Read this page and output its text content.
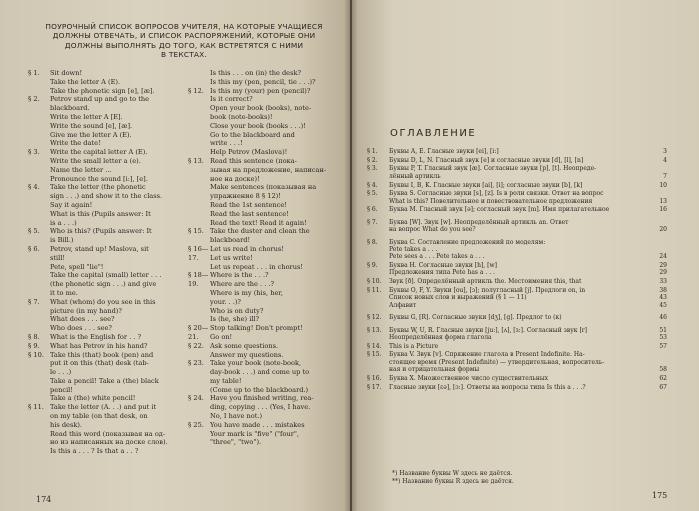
ПОУРОЧНЫЙ СПИСОК ВОПРОСОВ УЧИТЕЛЯ, НА КОТОРЫЕ УЧАЩИЕСЯ
ДОЛЖНЫ ОТВЕЧАТЬ, И СПИСОК РАСПОРЯЖЕНИЙ, КОТОРЫЕ ОНИ
ДОЛЖНЫ ВЫПОЛНЯТЬ ДО ТОГО, КАК ВСТРЕТЯТСЯ С НИМИ
В ТЕКСТАХ.
§ 1.	Sit down!
Take the letter A (E).
Take the phonetic sign [e], [æ].
§ 2.	Petrov stand up and go to the
blackboard.
Write the letter A [E].
Write the sound [e], [æ].
Give me the letter A (E).
Write the date!
§ 3.	Write the capital letter A (E).
Write the small letter a (e).
Name the letter ...
Pronounce the sound [i:], [e].
§ 4.	Take the letter (the phonetic
sign . . .) and show it to the class.
Say it again!
What is this (Pupils answer: It
is a . . .)
§ 5.	Who is this? (Pupils answer: It
is Bill.)
§ 6.	Petrov, stand up! Maslova, sit
still!
Pete, spell "lie"!
Take the capital (small) letter . . .
(the phonetic sign . . .) and give
it to me.
§ 7.	What (whom) do you see in this
picture (in my hand)?
What does . . . see?
Who does . . . see?
§ 8.	What is the English for . . ?
§ 9.	What has Petrov in his hand?
§ 10. Take this (that) book (pen) and
put it on this (that) desk (tab-
le . . .)
Take a pencil! Take a (the) black
pencil!
Take a (the) white pencil!
§ 11. Take the letter (A. . .) and put it
on my table (on that desk, on
his desk).
Read this word (показывая на од-
но из написанных на доске слов).
Is this a . . . ? Is that a . . ?
Is this . . . on (in) the desk?
Is this my (pen, pencil, tie . . .)?
§ 12. Is this my (your) pen (pencil)?
Is it correct?
Open your book (books), note-
book (note-books)!
Close your book (books . . .)!
Go to the blackboard and
write . . .!
Help Petrov (Maslova)!
§ 13. Read this sentence (пока-
зывая на предложение, написан-
ное на доске)!
Make sentences (показывая на
упражнение 8 § 12)!
Read the 1st sentence!
Read the last sentence!
Read the text! Read it again!
§ 15. Take the duster and clean the
blackboard!
§ 16—17.
Let us read in chorus!
Let us write!
Let us repeat . . . in chorus!
§ 18—19.
Where is the . . .?
Where are the . . .?
Where is my (his, her,
your. . .)?
Who is on duty?
Is (he, she) ill?
§ 20—21.
Stop talking! Don't prompt!
Go on!
§ 22. Ask some questions.
Answer my questions.
§ 23. Take your book (note-book,
day-book . . .) and come up to
my table!
(Come up to the blackboard.)
§ 24. Have you finished writing, rea-
ding, copying . . . (Yes, I have.
No, I have not.)
§ 25. You have made . . . mistakes
Your mark is "five" ("four",
"three", "two").
174
ОГЛАВЛЕНИЕ
§ 1.	Буквы А, Е. Гласные звуки [ei], [i:]	3
§ 2.	Буквы D, L, N. Гласный звук [e] и согласные звуки [d], [l], [n]	4
§ 3.	Буквы P, T. Гласный звук [æ]. Согласные звуки [p], [t]. Неопреде-
лённый артикль	7
§ 4.	Буквы I, B, K. Гласные звуки [ai], [i]; согласные звуки [b], [k]	10
§ 5.	Буква S. Согласные звуки [s], [z]. Is в роли связки. Ответ на вопрос
What is this? Повелительное и повествовательное предложения	13
§ 6.	Буква M. Гласный звук [ə]; согласный звук [m]. Имя прилагательное	16
§ 7.	Буква [W]. Звук [w]. Неопределённый артикль an. Ответ
на вопрос What do you see?	20
§ 8.	Буква C. Составление предложений по моделям:
Pete takes a . . .
Pete sees a . . . Pete takes a . . .	24
§ 9.	Буква H. Согласные звуки [h], [w]	29
Предложения типа Pete has a . . .	29
§ 10.	Звук [ð]. Определённый артикль the. Местоимения this, that	33
§ 11.	Буквы O, F, Y. Звуки [ou], [ɔ]; полугласный [j]. Предлоги on, in	38
Список новых слов и выражений (§ 1 — 11)	43
Алфавит	45
§ 12.	Буквы G, [R]. Согласные звуки [dʒ], [g]. Предлог to (к)	46
§ 13.	Буквы W, U, R. Гласные звуки [ju:], [ʌ], [ɜ:]. Согласный звук [r]	51
Неопределённая форма глагола	53
§ 14.	This is a Picture	57
§ 15.	Буква V. Звук [v]. Спряжение глагола в Present Indefinite. На-
стоящее время (Present Indefinite) — утвердительная, вопроситель-
ная и отрицательная формы	58
§ 16.	Буква X. Множественное число существительных	62
§ 17.	Гласные звуки [ɛə], [ɔ:]. Ответы на вопросы типа Is this a . . .?	67
*) Название буквы W здесь не даётся.
**) Название буквы R здесь не даётся.
175
